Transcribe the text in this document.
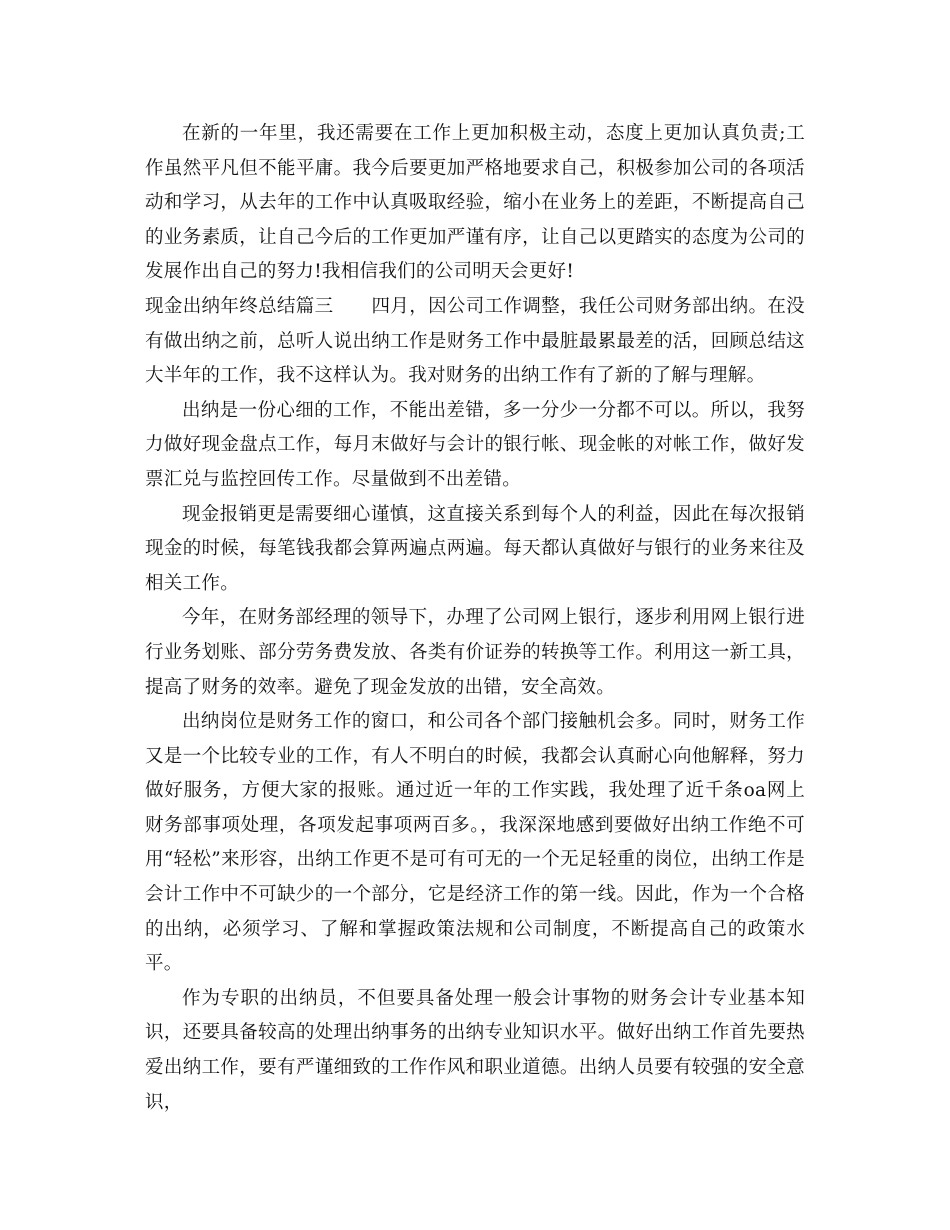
在新的一年里，我还需要在工作上更加积极主动，态度上更加认真负责;工作虽然平凡但不能平庸。我今后要更加严格地要求自己，积极参加公司的各项活动和学习，从去年的工作中认真吸取经验，缩小在业务上的差距，不断提高自己的业务素质，让自己今后的工作更加严谨有序，让自己以更踏实的态度为公司的发展作出自己的努力!我相信我们的公司明天会更好!

现金出纳年终总结篇三 四月，因公司工作调整，我任公司财务部出纳。在没有做出纳之前，总听人说出纳工作是财务工作中最脏最累最差的活，回顾总结这大半年的工作，我不这样认为。我对财务的出纳工作有了新的了解与理解。

出纳是一份心细的工作，不能出差错，多一分少一分都不可以。所以，我努力做好现金盘点工作，每月末做好与会计的银行帐、现金帐的对帐工作，做好发票汇兑与监控回传工作。尽量做到不出差错。

现金报销更是需要细心谨慎，这直接关系到每个人的利益，因此在每次报销现金的时候，每笔钱我都会算两遍点两遍。每天都认真做好与银行的业务来往及相关工作。

今年，在财务部经理的领导下，办理了公司网上银行，逐步利用网上银行进行业务划账、部分劳务费发放、各类有价证券的转换等工作。利用这一新工具，提高了财务的效率。避免了现金发放的出错，安全高效。

出纳岗位是财务工作的窗口，和公司各个部门接触机会多。同时，财务工作又是一个比较专业的工作，有人不明白的时候，我都会认真耐心向他解释，努力做好服务，方便大家的报账。通过近一年的工作实践，我处理了近千条oa网上财务部事项处理，各项发起事项两百多。，我深深地感到要做好出纳工作绝不可用“轻松”来形容，出纳工作更不是可有可无的一个无足轻重的岗位，出纳工作是会计工作中不可缺少的一个部分，它是经济工作的第一线。因此，作为一个合格的出纳，必须学习、了解和掌握政策法规和公司制度，不断提高自己的政策水平。

作为专职的出纳员，不但要具备处理一般会计事物的财务会计专业基本知识，还要具备较高的处理出纳事务的出纳专业知识水平。做好出纳工作首先要热爱出纳工作，要有严谨细致的工作作风和职业道德。出纳人员要有较强的安全意识，
